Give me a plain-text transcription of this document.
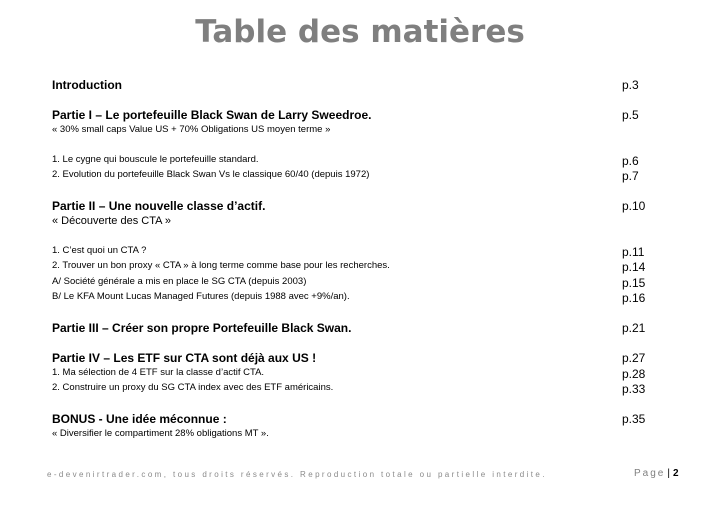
Table des matières
Introduction	p.3
Partie I – Le portefeuille Black Swan de Larry Sweedroe.	p.5
« 30% small caps Value US + 70% Obligations US moyen terme »
1. Le cygne qui bouscule le portefeuille standard.	p.6
2. Evolution du portefeuille Black Swan Vs le classique 60/40 (depuis 1972)	p.7
Partie II – Une nouvelle classe d’actif.	p.10
« Découverte des CTA »
1. C’est quoi un CTA ?	p.11
2. Trouver un bon proxy « CTA » à long terme comme base pour les recherches.	p.14
A/ Société générale a mis en place le SG CTA (depuis 2003)	p.15
B/ Le KFA Mount Lucas Managed Futures (depuis 1988 avec +9%/an).	p.16
Partie III – Créer son propre Portefeuille Black Swan.	p.21
Partie IV – Les ETF sur CTA sont déjà aux US !	p.27
1. Ma sélection de 4 ETF sur la classe d’actif CTA.	p.28
2. Construire un proxy du SG CTA index avec des ETF américains.	p.33
BONUS - Une idée méconnue :	p.35
« Diversifier le compartiment 28% obligations MT ».
e-devenirtrader.com, tous droits réservés. Reproduction totale ou partielle interdite.	Page | 2
